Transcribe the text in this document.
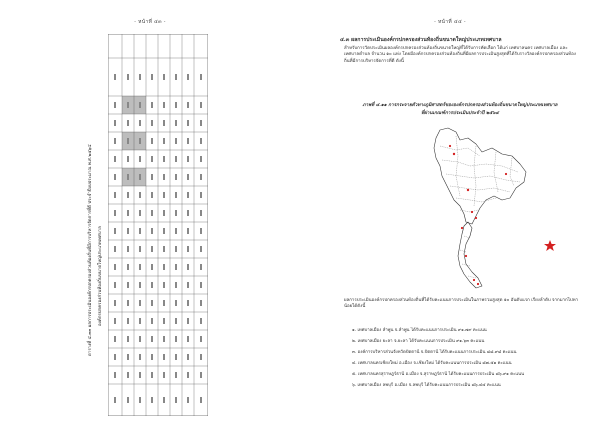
- หน้าที่ ๔๓ -
ตารางที่ ๔.๓๓ ผลการประเมินองค์กรปกครองส่วนท้องถิ่นที่มีการบริหารจัดการที่ดี ประจำปีงบประมาณ พ.ศ.๒๕๖๔	องค์กรปกครองส่วนท้องถิ่นขนาดใหญ่ประเภทเทศบาล
- หน้าที่ ๔๔ -
๔.๓ ผลการประเมินองค์กรปกครองส่วนท้องถิ่นขนาดใหญ่ประเภทเทศบาล
สำหรับการวัดประเมินผลองค์กรปกครองส่วนท้องถิ่นขนาดใหญ่ที่ได้รับการคัดเลือก ได้แก่ เทศบาลนคร เทศบาลเมือง และเทศบาลตำบล จำนวน ๑๐ แห่ง โดยมีองค์กรปกครองส่วนท้องถิ่นที่มีผลการประเมินสูงสุดที่ได้รับรางวัลองค์กรปกครองส่วนท้องถิ่นที่มีการบริหารจัดการที่ดี ดังนี้
ภาพที่ ๔.๑๑ การกระจายตัวทางภูมิศาสตร์ขององค์กรปกครองส่วนท้องถิ่นขนาดใหญ่ประเภทเทศบาล
ที่ผ่านเกณฑ์การประเมินประจำปี ๒๕๖๔
ผลการประเมินองค์กรปกครองส่วนท้องถิ่นที่ได้รับคะแนนการประเมินในภาพรวมสูงสุด ๑๐ อันดับแรก เรียงลำดับ จากมากไปหาน้อยได้ดังนี้
๑. เทศบาลเมือง ลำพูน จ.ลำพูน ได้รับคะแนนการประเมิน ๙๑.๗๙ คะแนน
๒. เทศบาลเมือง ยะลา จ.ยะลา ได้รับคะแนนการประเมิน ๙๑.๖๓ คะแนน
๓. องค์การบริหารส่วนจังหวัดปัตตานี จ.ปัตตานี ได้รับคะแนนการประเมิน ๘๘.๙๘ คะแนน
๔. เทศบาลนครเชียงใหม่ อ.เมือง จ.เชียงใหม่ ได้รับคะแนนการประเมิน ๘๗.๕๑ คะแนน
๕. เทศบาลนครสุราษฎร์ธานี อ.เมือง จ.สุราษฎร์ธานี ได้รับคะแนนการประเมิน ๘๖.๙๑ คะแนน
๖. เทศบาลเมือง ลพบุรี อ.เมือง จ.ลพบุรี ได้รับคะแนนการประเมิน ๘๖.๔๔ คะแนน
